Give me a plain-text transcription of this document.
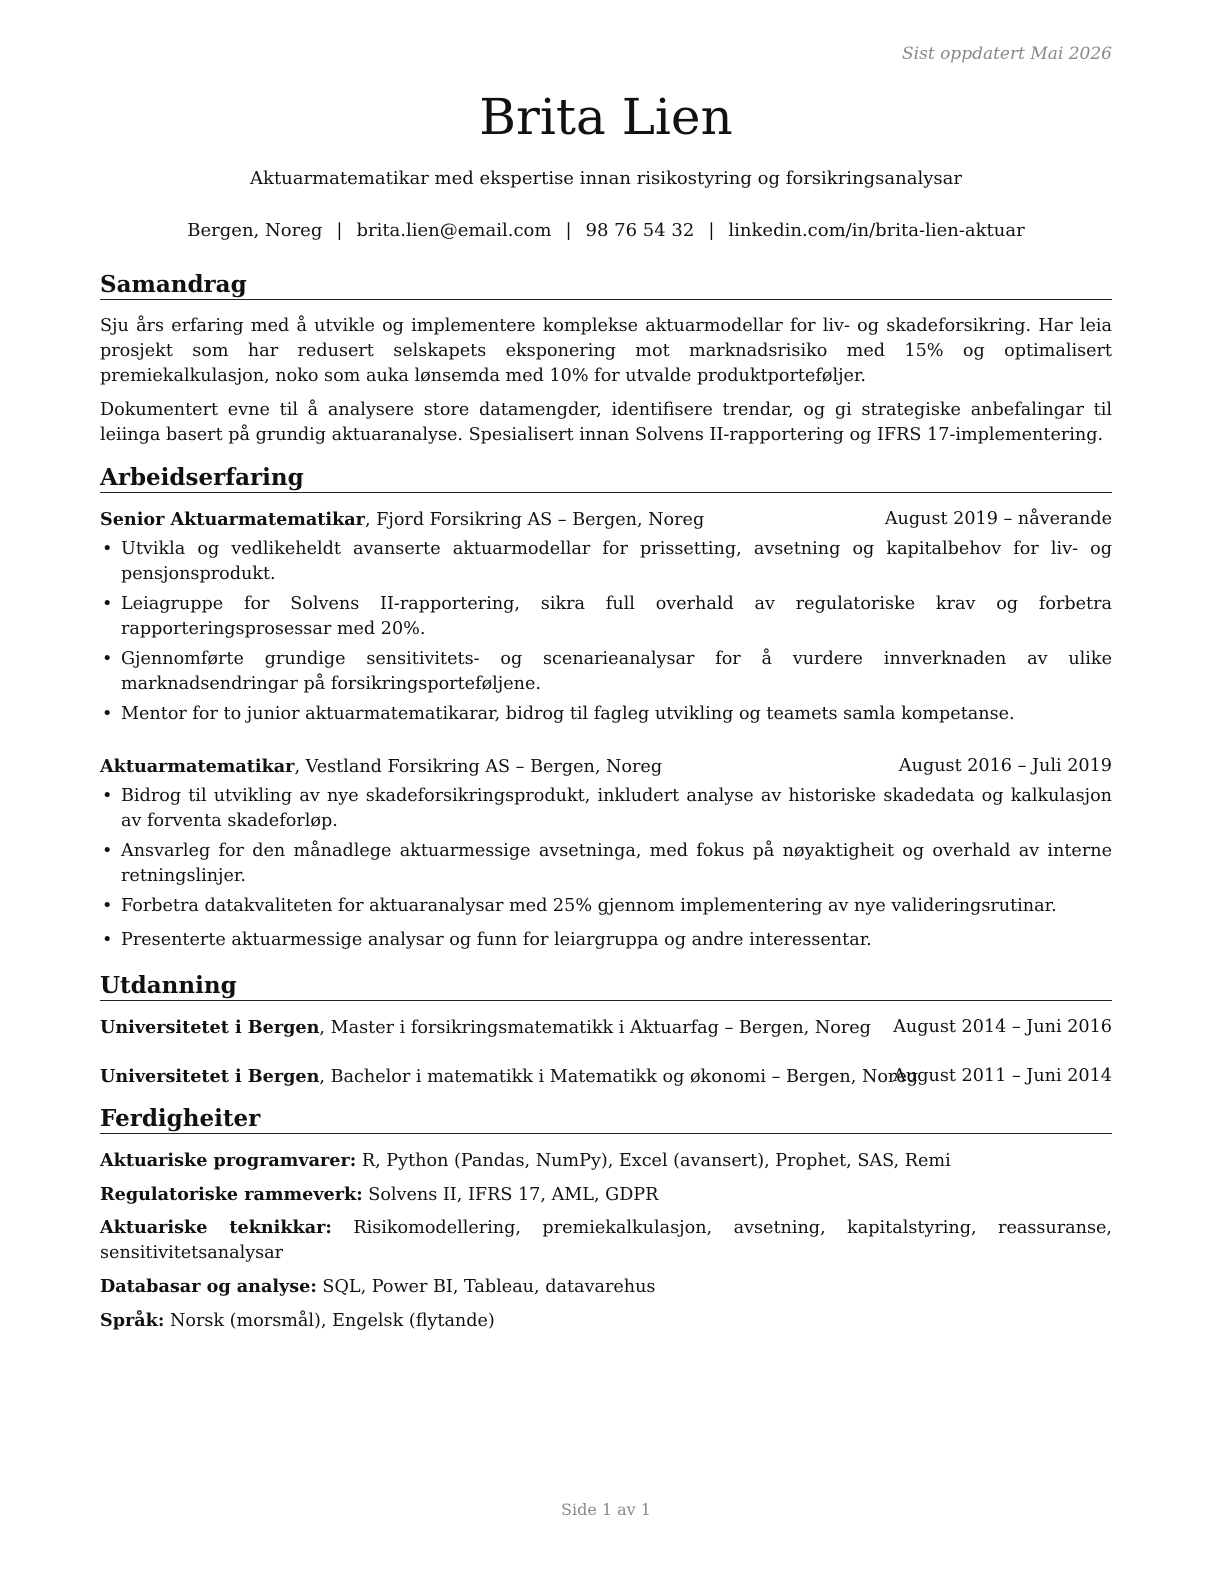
Sist oppdatert Mai 2026
Brita Lien
Aktuarmatematikar med ekspertise innan risikostyring og forsikringsanalysar
Bergen, Noreg | brita.lien@email.com | 98 76 54 32 | linkedin.com/in/brita-lien-aktuar
Samandrag
Sju års erfaring med å utvikle og implementere komplekse aktuarmodellar for liv- og skadeforsikring. Har leia prosjekt som har redusert selskapets eksponering mot marknadsrisiko med 15% og optimalisert premiekalkulasjon, noko som auka lønsemda med 10% for utvalde produktporteføljer.
Dokumentert evne til å analysere store datamengder, identifisere trendar, og gi strategiske anbefalingar til leiinga basert på grundig aktuaranalyse. Spesialisert innan Solvens II-rapportering og IFRS 17-implementering.
Arbeidserfaring
Senior Aktuarmatematikar, Fjord Forsikring AS – Bergen, Noreg	August 2019 – nåverande
• Utvikla og vedlikeheldt avanserte aktuarmodellar for prissetting, avsetning og kapitalbehov for liv- og pensjonsprodukt.
• Leiagruppe for Solvens II-rapportering, sikra full overhald av regulatoriske krav og forbetra rapporteringsprosessar med 20%.
• Gjennomførte grundige sensitivitets- og scenarieanalysar for å vurdere innverknaden av ulike marknadsendringar på forsikringsporteføljene.
• Mentor for to junior aktuarmatematikarar, bidrog til fagleg utvikling og teamets samla kompetanse.
Aktuarmatematikar, Vestland Forsikring AS – Bergen, Noreg	August 2016 – Juli 2019
• Bidrog til utvikling av nye skadeforsikringsprodukt, inkludert analyse av historiske skadedata og kalkulasjon av forventa skadeforløp.
• Ansvarleg for den månadlege aktuarmessige avsetninga, med fokus på nøyaktigheit og overhald av interne retningslinjer.
• Forbetra datakvaliteten for aktuaranalysar med 25% gjennom implementering av nye valideringsrutinar.
• Presenterte aktuarmessige analysar og funn for leiargruppa og andre interessentar.
Utdanning
Universitetet i Bergen, Master i forsikringsmatematikk i Aktuarfag – Bergen, Noreg August 2014 – Juni 2016
Universitetet i Bergen, Bachelor i matematikk i Matematikk og økonomi – Bergen, Noreg
August 2011 – Juni 2014
Ferdigheiter
Aktuariske programvarer: R, Python (Pandas, NumPy), Excel (avansert), Prophet, SAS, Remi
Regulatoriske rammeverk: Solvens II, IFRS 17, AML, GDPR
Aktuariske teknikkar: Risikomodellering, premiekalkulasjon, avsetning, kapitalstyring, reassuranse, sensitivitetsanalysar
Databasar og analyse: SQL, Power BI, Tableau, datavarehus
Språk: Norsk (morsmål), Engelsk (flytande)
Side 1 av 1
